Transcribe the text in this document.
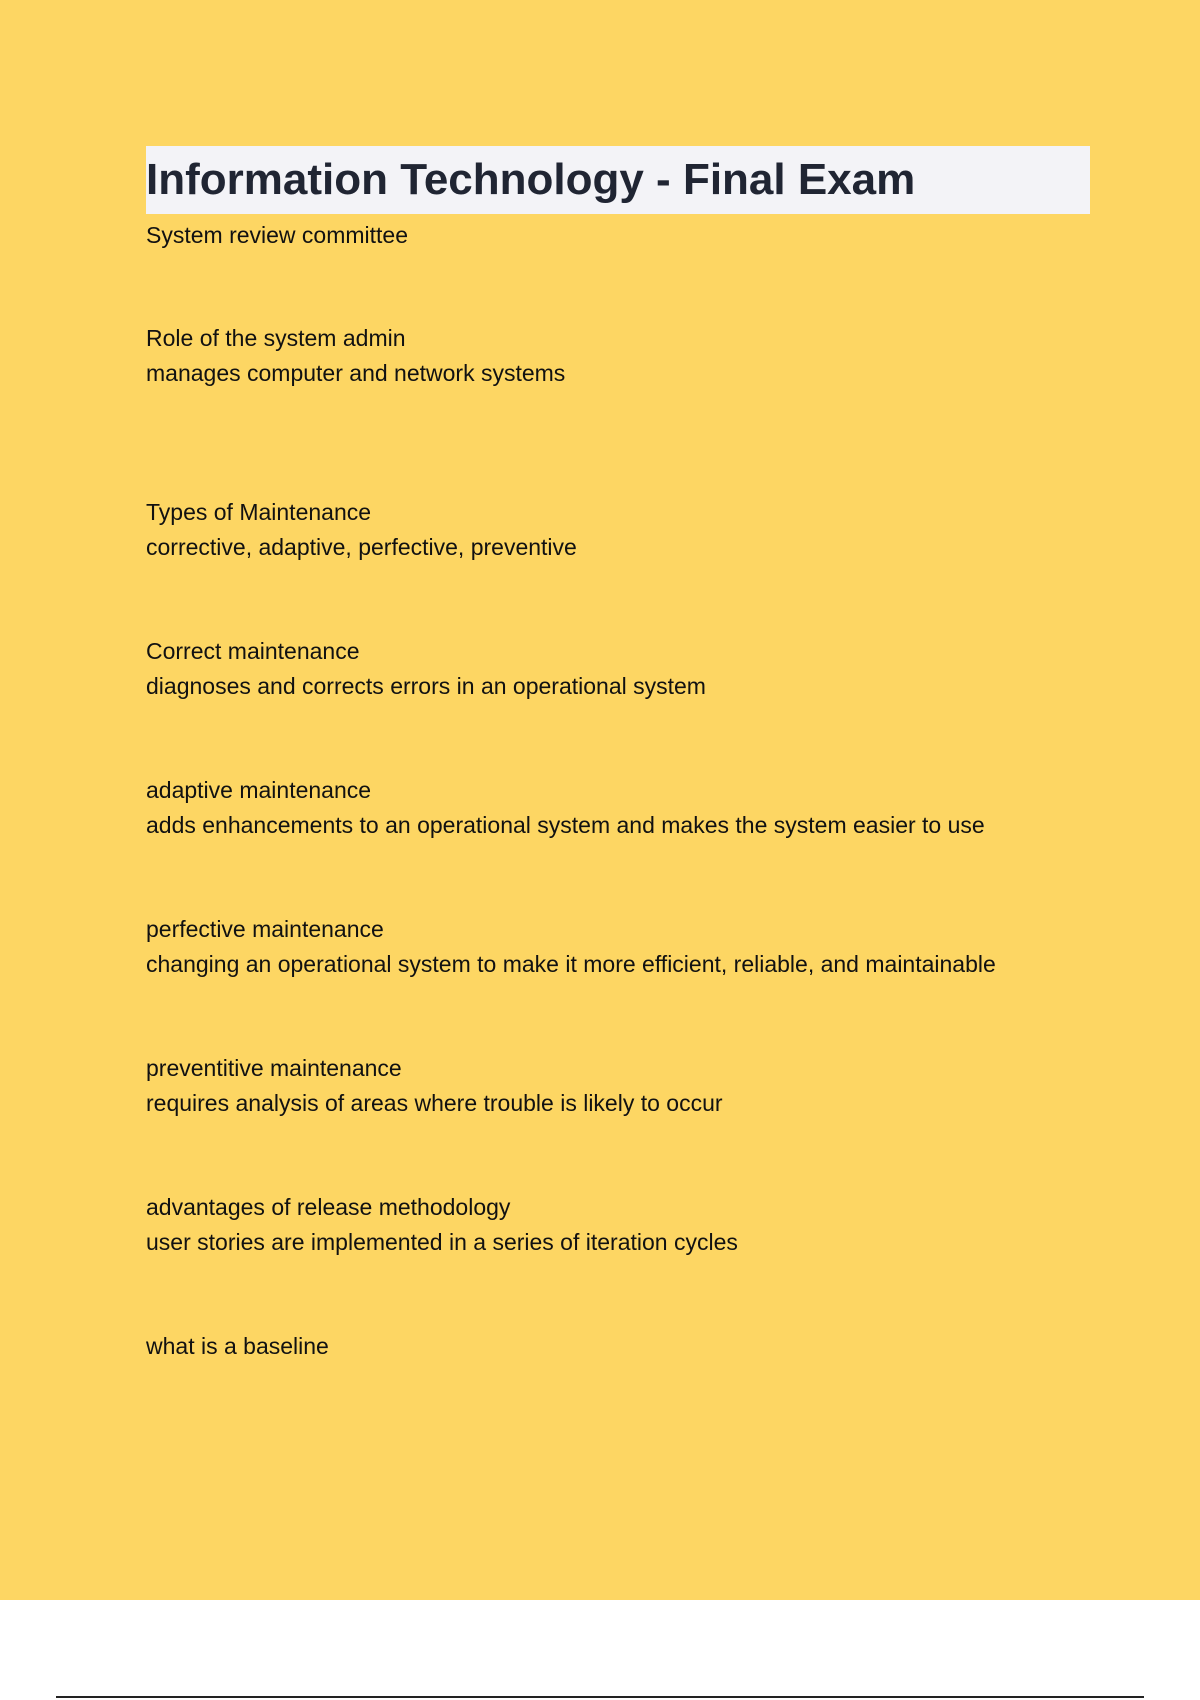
Information Technology - Final Exam

System review committee

Role of the system admin
manages computer and network systems
Types of Maintenance
corrective, adaptive, perfective, preventive
Correct maintenance
diagnoses and corrects errors in an operational system
adaptive maintenance
adds enhancements to an operational system and makes the system easier to use
perfective maintenance
changing an operational system to make it more efficient, reliable, and maintainable
preventitive maintenance
requires analysis of areas where trouble is likely to occur
advantages of release methodology
user stories are implemented in a series of iteration cycles
what is a baseline
